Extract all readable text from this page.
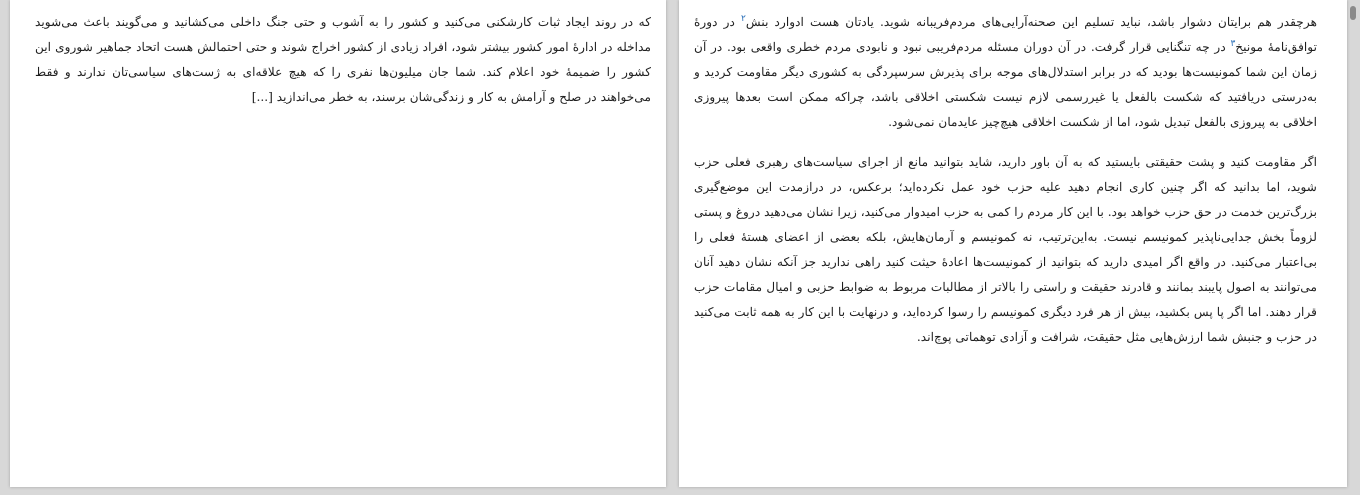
هرچقدر هم برایتان دشوار باشد، نباید تسلیم این صحنه‌آرایی‌های مردم‌فریبانه شوید. یادتان هست ادوارد بنش$^۲$ در دورهٔ توافق‌نامهٔ مونیخ$^۳$ در چه تنگنایی قرار گرفت. در آن دوران مسئله مردم‌فریبی نبود و نابودی مردم خطری واقعی بود. در آن زمان این شما کمونیست‌ها بودید که در برابر استدلال‌های موجه برای پذیرش سرسپردگی به کشوری دیگر مقاومت کردید و به‌درستی دریافتید که شکست بالفعل یا غیررسمی لازم نیست شکستی اخلاقی باشد، چراکه ممکن است بعدها پیروزی اخلاقی به پیروزی بالفعل تبدیل شود، اما از شکست اخلاقی هیچ‌چیز عایدمان نمی‌شود.

اگر مقاومت کنید و پشت حقیقتی بایستید که به آن باور دارید، شاید بتوانید مانع از اجرای سیاست‌های رهبری فعلی حزب شوید، اما بدانید که اگر چنین کاری انجام دهید علیه حزب خود عمل نکرده‌اید؛ برعکس، در درازمدت این موضع‌گیری بزرگ‌ترین خدمت در حق حزب خواهد بود. با این کار مردم را کمی به حزب امیدوار می‌کنید، زیرا نشان می‌دهید دروغ و پستی لزوماً بخش جدایی‌ناپذیر کمونیسم نیست. به‌این‌ترتیب، نه کمونیسم و آرمان‌هایش، بلکه بعضی از اعضای هستهٔ فعلی را بی‌اعتبار می‌کنید. در واقع اگر امیدی دارید که بتوانید از کمونیست‌ها اعادهٔ حیثت کنید راهی ندارید جز آنکه نشان دهید آنان می‌توانند به اصول پایبند بمانند و قادرند حقیقت و راستی را بالاتر از مطالبات مربوط به ضوابط حزبی و امیال مقامات حزب قرار دهند. اما اگر پا پس بکشید، بیش از هر فرد دیگری کمونیسم را رسوا کرده‌اید، و درنهایت با این کار به همه ثابت می‌کنید در حزب و جنبش شما ارزش‌هایی مثل حقیقت، شرافت و آزادی توهماتی پوچ‌اند.

که در روند ایجاد ثبات کارشکنی می‌کنید و کشور را به آشوب و حتی جنگ داخلی می‌کشانید و می‌گویند باعث می‌شوید مداخله در ادارهٔ امور کشور بیشتر شود، افراد زیادی از کشور اخراج شوند و حتی احتمالش هست اتحاد جماهیر شوروی این کشور را ضمیمهٔ خود اعلام کند. شما جان میلیون‌ها نفری را که هیچ علاقه‌ای به ژست‌های سیاسی‌تان ندارند و فقط می‌خواهند در صلح و آرامش به کار و زندگی‌شان برسند، به خطر می‌اندازید [...]
